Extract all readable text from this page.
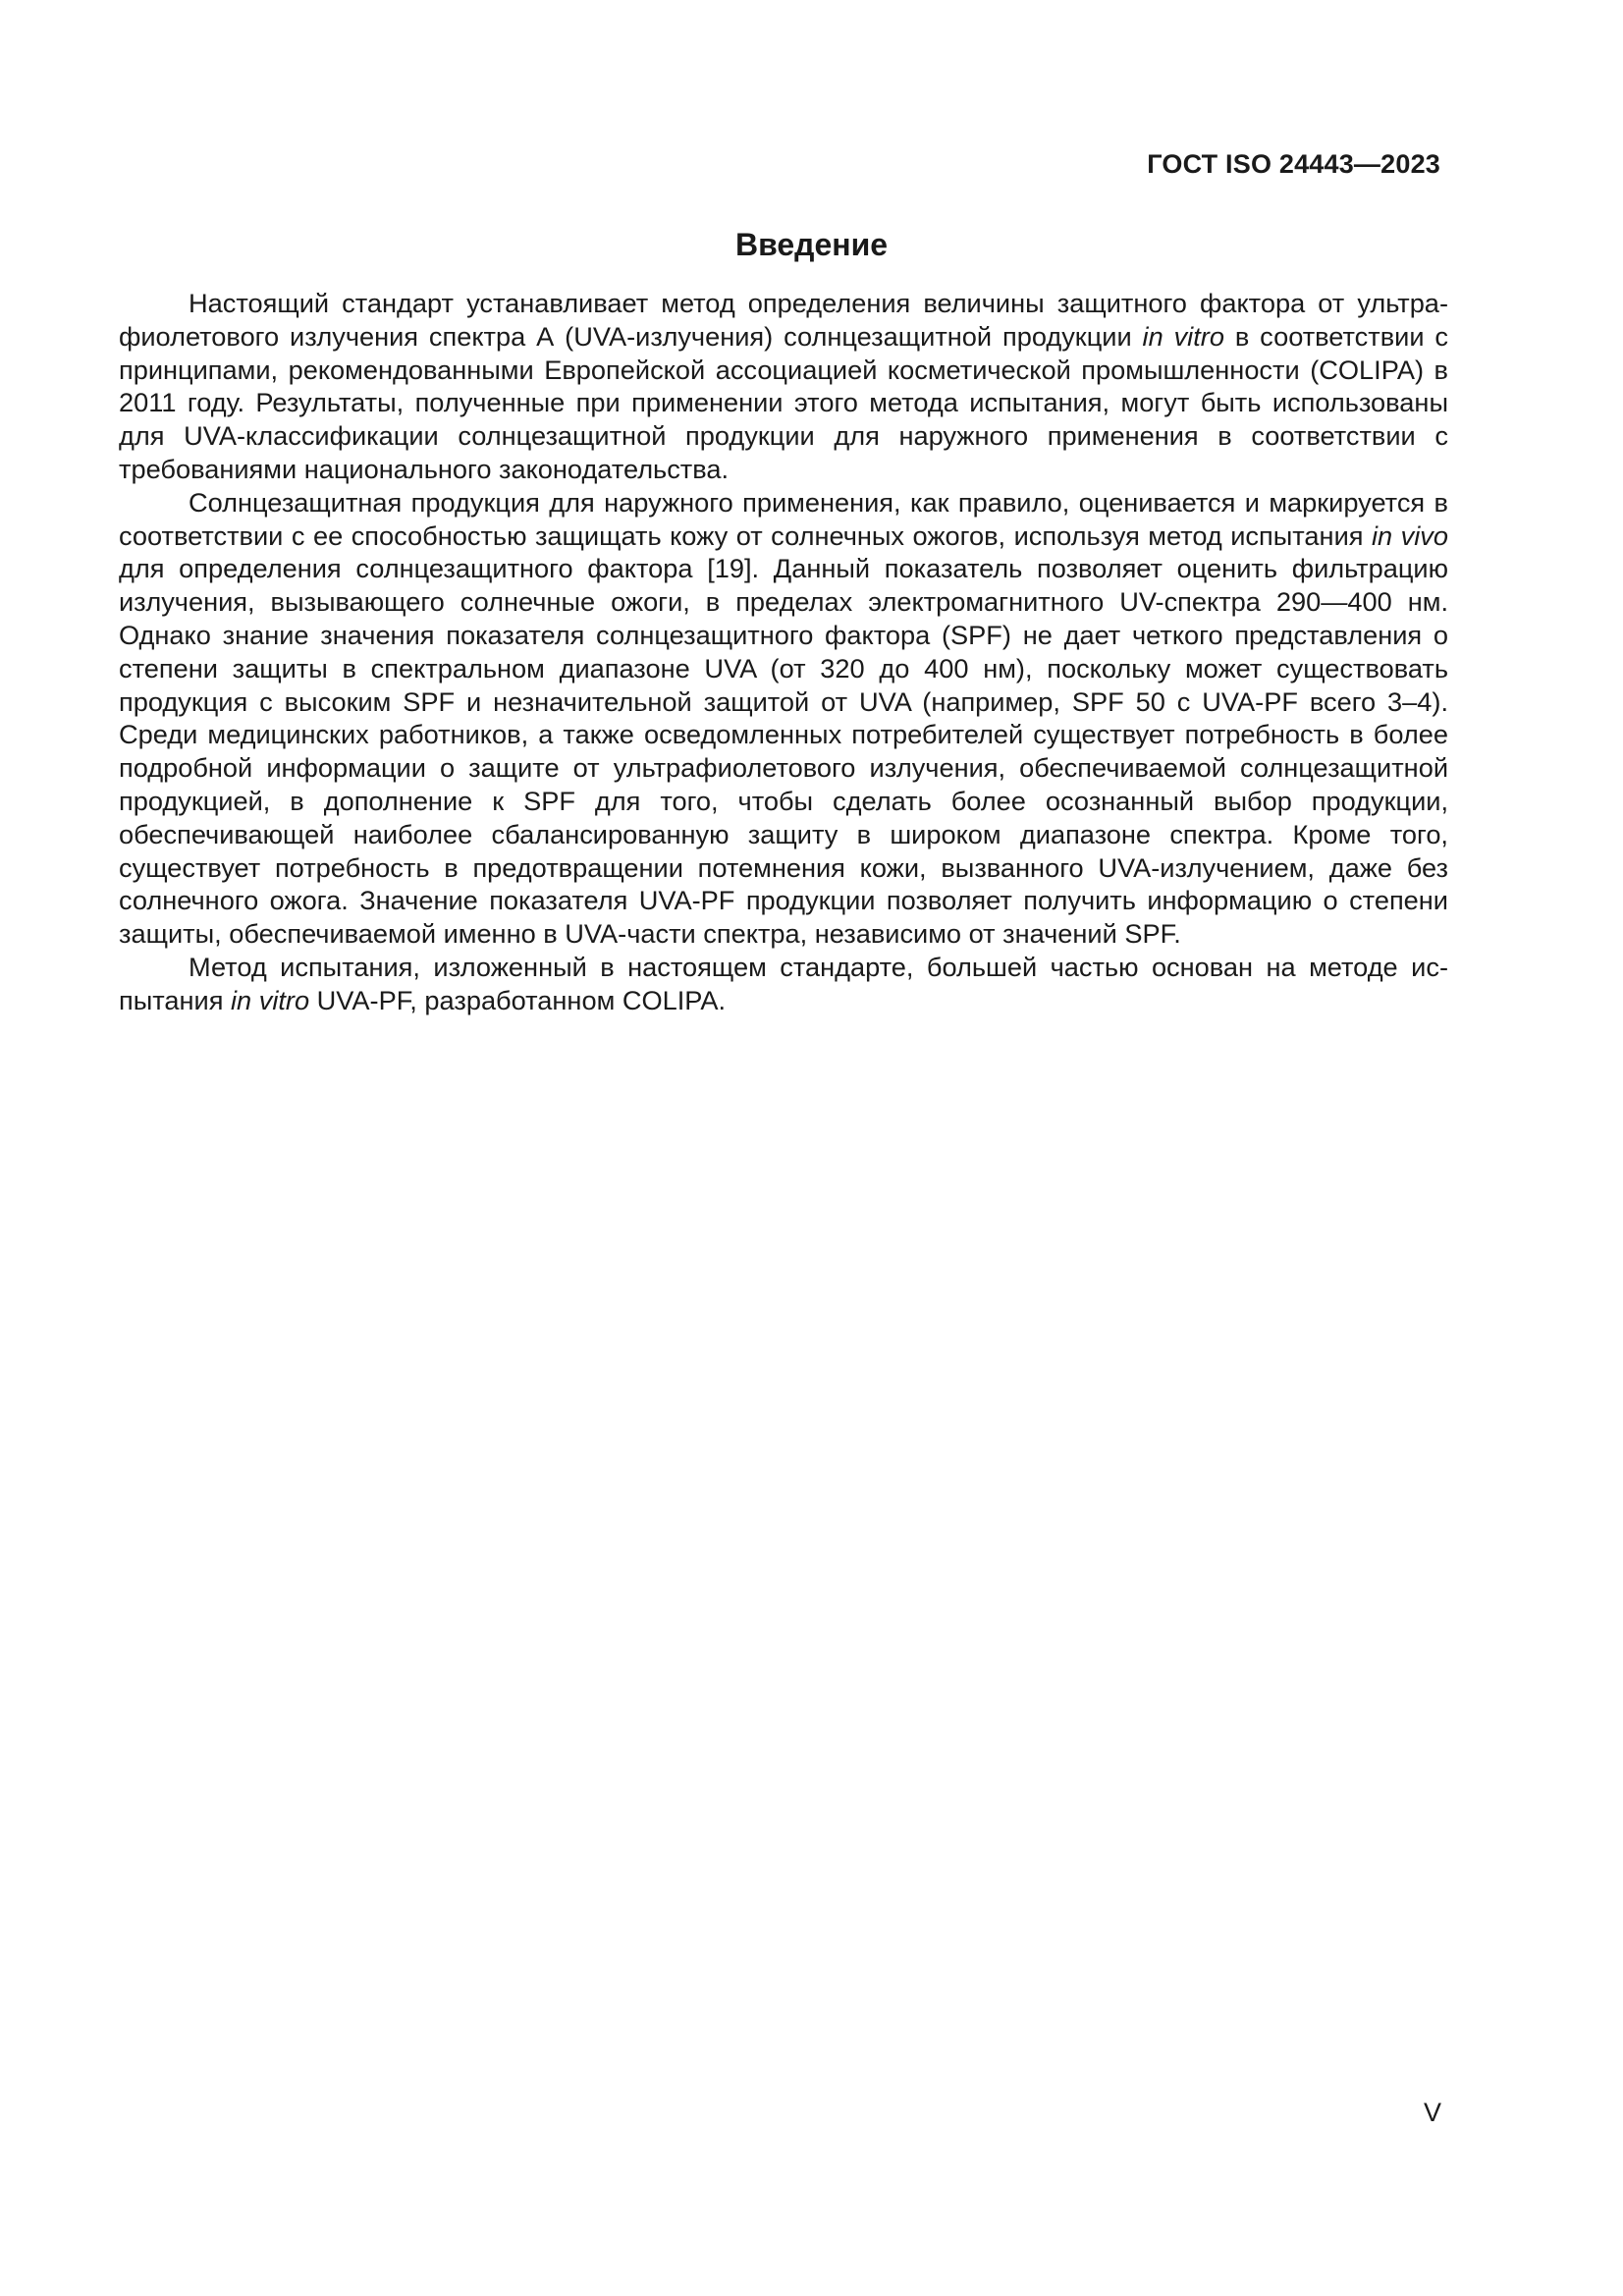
ГОСТ ISO 24443—2023
Введение

Настоящий стандарт устанавливает метод определения величины защитного фактора от ультрафиолетового излучения спектра А (UVA-излучения) солнцезащитной продукции in vitro в соответствии с принципами, рекомендованными Европейской ассоциацией косметической промышленности (COLIPA) в 2011 году. Результаты, полученные при применении этого метода испытания, могут быть использованы для UVA-классификации солнцезащитной продукции для наружного применения в соответствии с требованиями национального законодательства.

Солнцезащитная продукция для наружного применения, как правило, оценивается и маркируется в соответствии с ее способностью защищать кожу от солнечных ожогов, используя метод испытания in vivo для определения солнцезащитного фактора [19]. Данный показатель позволяет оценить фильтрацию излучения, вызывающего солнечные ожоги, в пределах электромагнитного UV-спектра 290—400 нм. Однако знание значения показателя солнцезащитного фактора (SPF) не дает четкого представления о степени защиты в спектральном диапазоне UVA (от 320 до 400 нм), поскольку может существовать продукция с высоким SPF и незначительной защитой от UVA (например, SPF 50 с UVA-PF всего 3–4). Среди медицинских работников, а также осведомленных потребителей существует потребность в более подробной информации о защите от ультрафиолетового излучения, обеспечиваемой солнцезащитной продукцией, в дополнение к SPF для того, чтобы сделать более осознанный выбор продукции, обеспечивающей наиболее сбалансированную защиту в широком диапазоне спектра. Кроме того, существует потребность в предотвращении потемнения кожи, вызванного UVA-излучением, даже без солнечного ожога. Значение показателя UVA-PF продукции позволяет получить информацию о степени защиты, обеспечиваемой именно в UVA-части спектра, независимо от значений SPF.

Метод испытания, изложенный в настоящем стандарте, большей частью основан на методе испытания in vitro UVA-PF, разработанном COLIPA.

V
